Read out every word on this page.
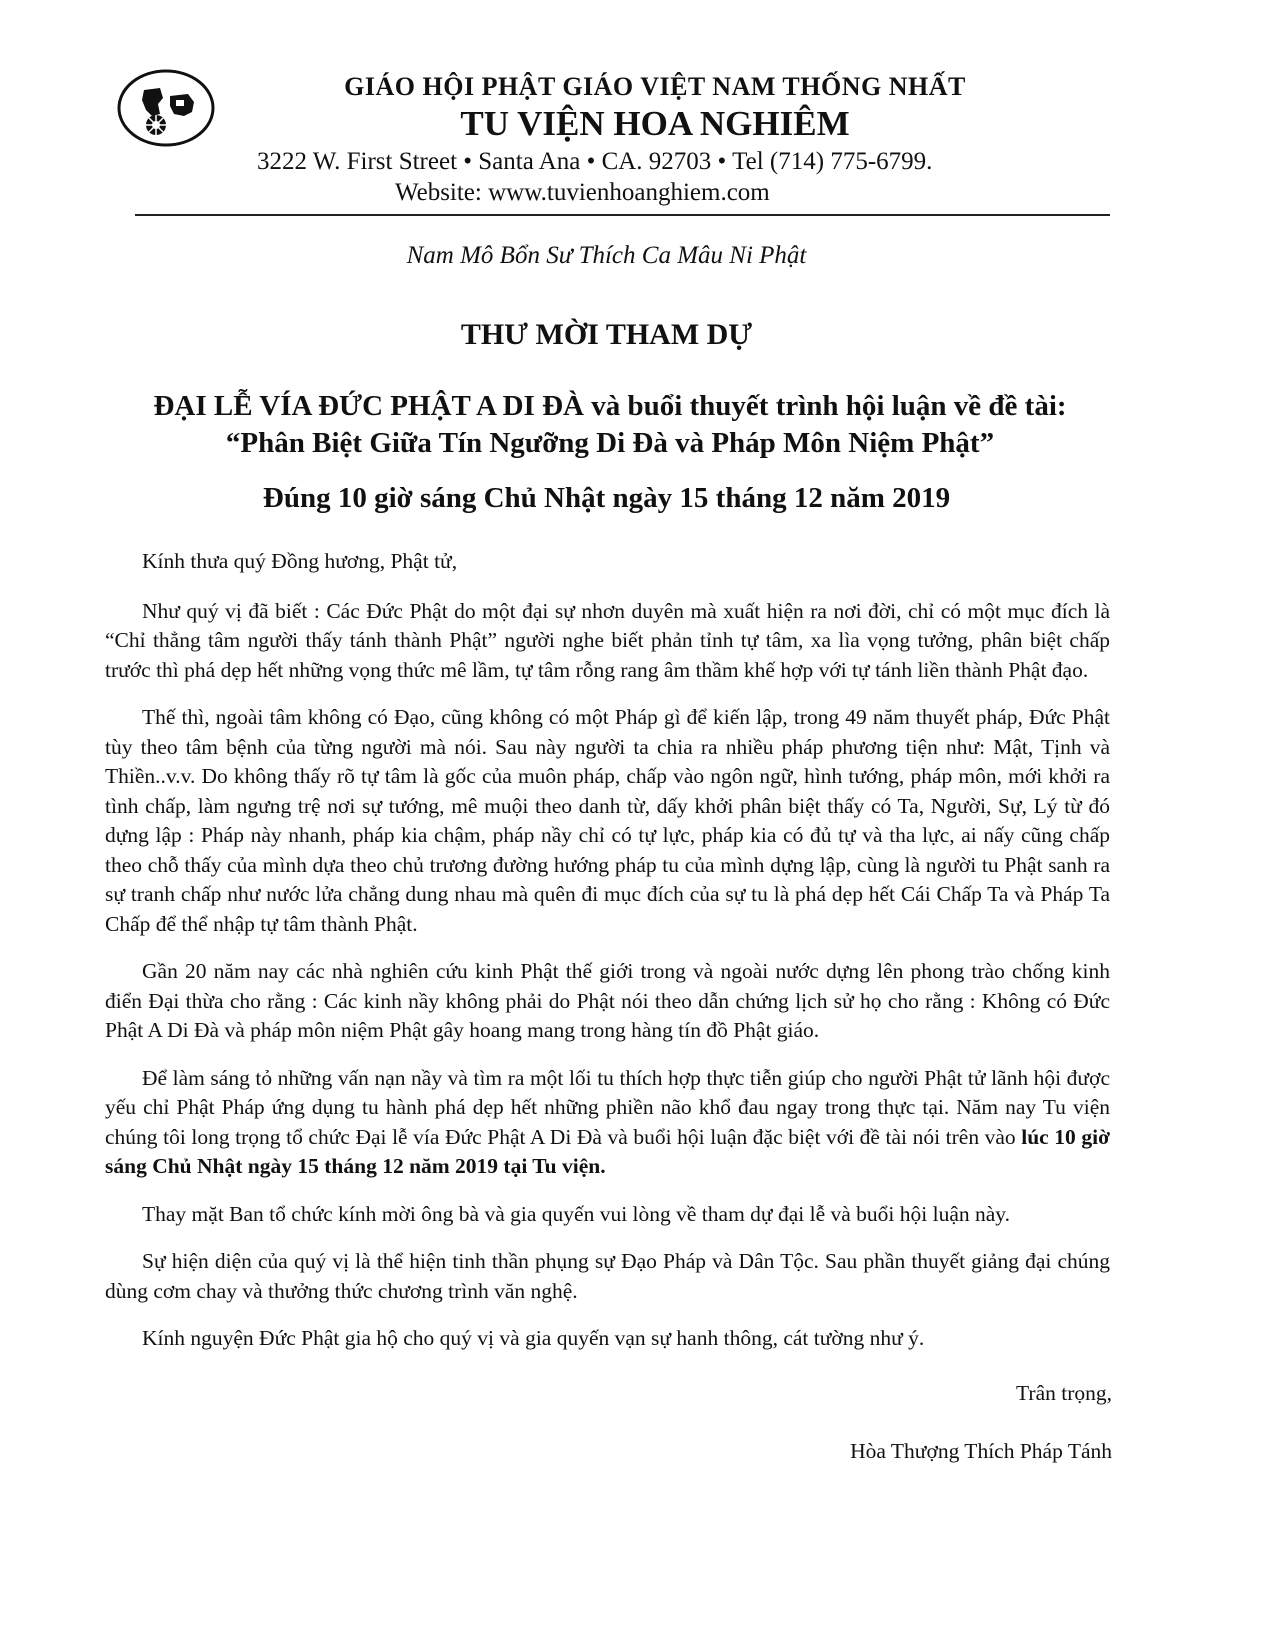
GIÁO HỘI PHẬT GIÁO VIỆT NAM THỐNG NHẤT
TU VIỆN HOA NGHIÊM
3222 W. First Street • Santa Ana • CA. 92703 • Tel (714) 775-6799.
Website: www.tuvienhoanghiem.com
Nam Mô Bổn Sư Thích Ca Mâu Ni Phật
THƯ MỜI THAM DỰ
ĐẠI LỄ VÍA ĐỨC PHẬT A DI ĐÀ và buổi thuyết trình hội luận về đề tài:
“Phân Biệt Giữa Tín Ngưỡng Di Đà và Pháp Môn Niệm Phật”
Đúng 10 giờ sáng Chủ Nhật ngày 15 tháng 12 năm 2019

Kính thưa quý Đồng hương, Phật tử,

Như quý vị đã biết : Các Đức Phật do một đại sự nhơn duyên mà xuất hiện ra nơi đời, chỉ có một mục đích là “Chỉ thẳng tâm người thấy tánh thành Phật” người nghe biết phản tỉnh tự tâm, xa lìa vọng tưởng, phân biệt chấp trước thì phá dẹp hết những vọng thức mê lầm, tự tâm rỗng rang âm thầm khế hợp với tự tánh liền thành Phật đạo.

Thế thì, ngoài tâm không có Đạo, cũng không có một Pháp gì để kiến lập, trong 49 năm thuyết pháp, Đức Phật tùy theo tâm bệnh của từng người mà nói. Sau này người ta chia ra nhiều pháp phương tiện như: Mật, Tịnh và Thiền..v.v. Do không thấy rõ tự tâm là gốc của muôn pháp, chấp vào ngôn ngữ, hình tướng, pháp môn, mới khởi ra tình chấp, làm ngưng trệ nơi sự tướng, mê muội theo danh từ, dấy khởi phân biệt thấy có Ta, Người, Sự, Lý từ đó dựng lập : Pháp này nhanh, pháp kia chậm, pháp nầy chỉ có tự lực, pháp kia có đủ tự và tha lực, ai nấy cũng chấp theo chỗ thấy của mình dựa theo chủ trương đường hướng pháp tu của mình dựng lập, cùng là người tu Phật sanh ra sự tranh chấp như nước lửa chẳng dung nhau mà quên đi mục đích của sự tu là phá dẹp hết Cái Chấp Ta và Pháp Ta Chấp để thể nhập tự tâm thành Phật.

Gần 20 năm nay các nhà nghiên cứu kinh Phật thế giới trong và ngoài nước dựng lên phong trào chống kinh điển Đại thừa cho rằng : Các kinh nầy không phải do Phật nói theo dẫn chứng lịch sử họ cho rằng : Không có Đức Phật A Di Đà và pháp môn niệm Phật gây hoang mang trong hàng tín đồ Phật giáo.

Để làm sáng tỏ những vấn nạn nầy và tìm ra một lối tu thích hợp thực tiễn giúp cho người Phật tử lãnh hội được yếu chỉ Phật Pháp ứng dụng tu hành phá dẹp hết những phiền não khổ đau ngay trong thực tại. Năm nay Tu viện chúng tôi long trọng tổ chức Đại lễ vía Đức Phật A Di Đà và buổi hội luận đặc biệt với đề tài nói trên vào lúc 10 giờ sáng Chủ Nhật ngày 15 tháng 12 năm 2019 tại Tu viện.

Thay mặt Ban tổ chức kính mời ông bà và gia quyến vui lòng về tham dự đại lễ và buổi hội luận này.

Sự hiện diện của quý vị là thể hiện tinh thần phụng sự Đạo Pháp và Dân Tộc. Sau phần thuyết giảng đại chúng dùng cơm chay và thưởng thức chương trình văn nghệ.

Kính nguyện Đức Phật gia hộ cho quý vị và gia quyến vạn sự hanh thông, cát tường như ý.

Trân trọng,
Hòa Thượng Thích Pháp Tánh
